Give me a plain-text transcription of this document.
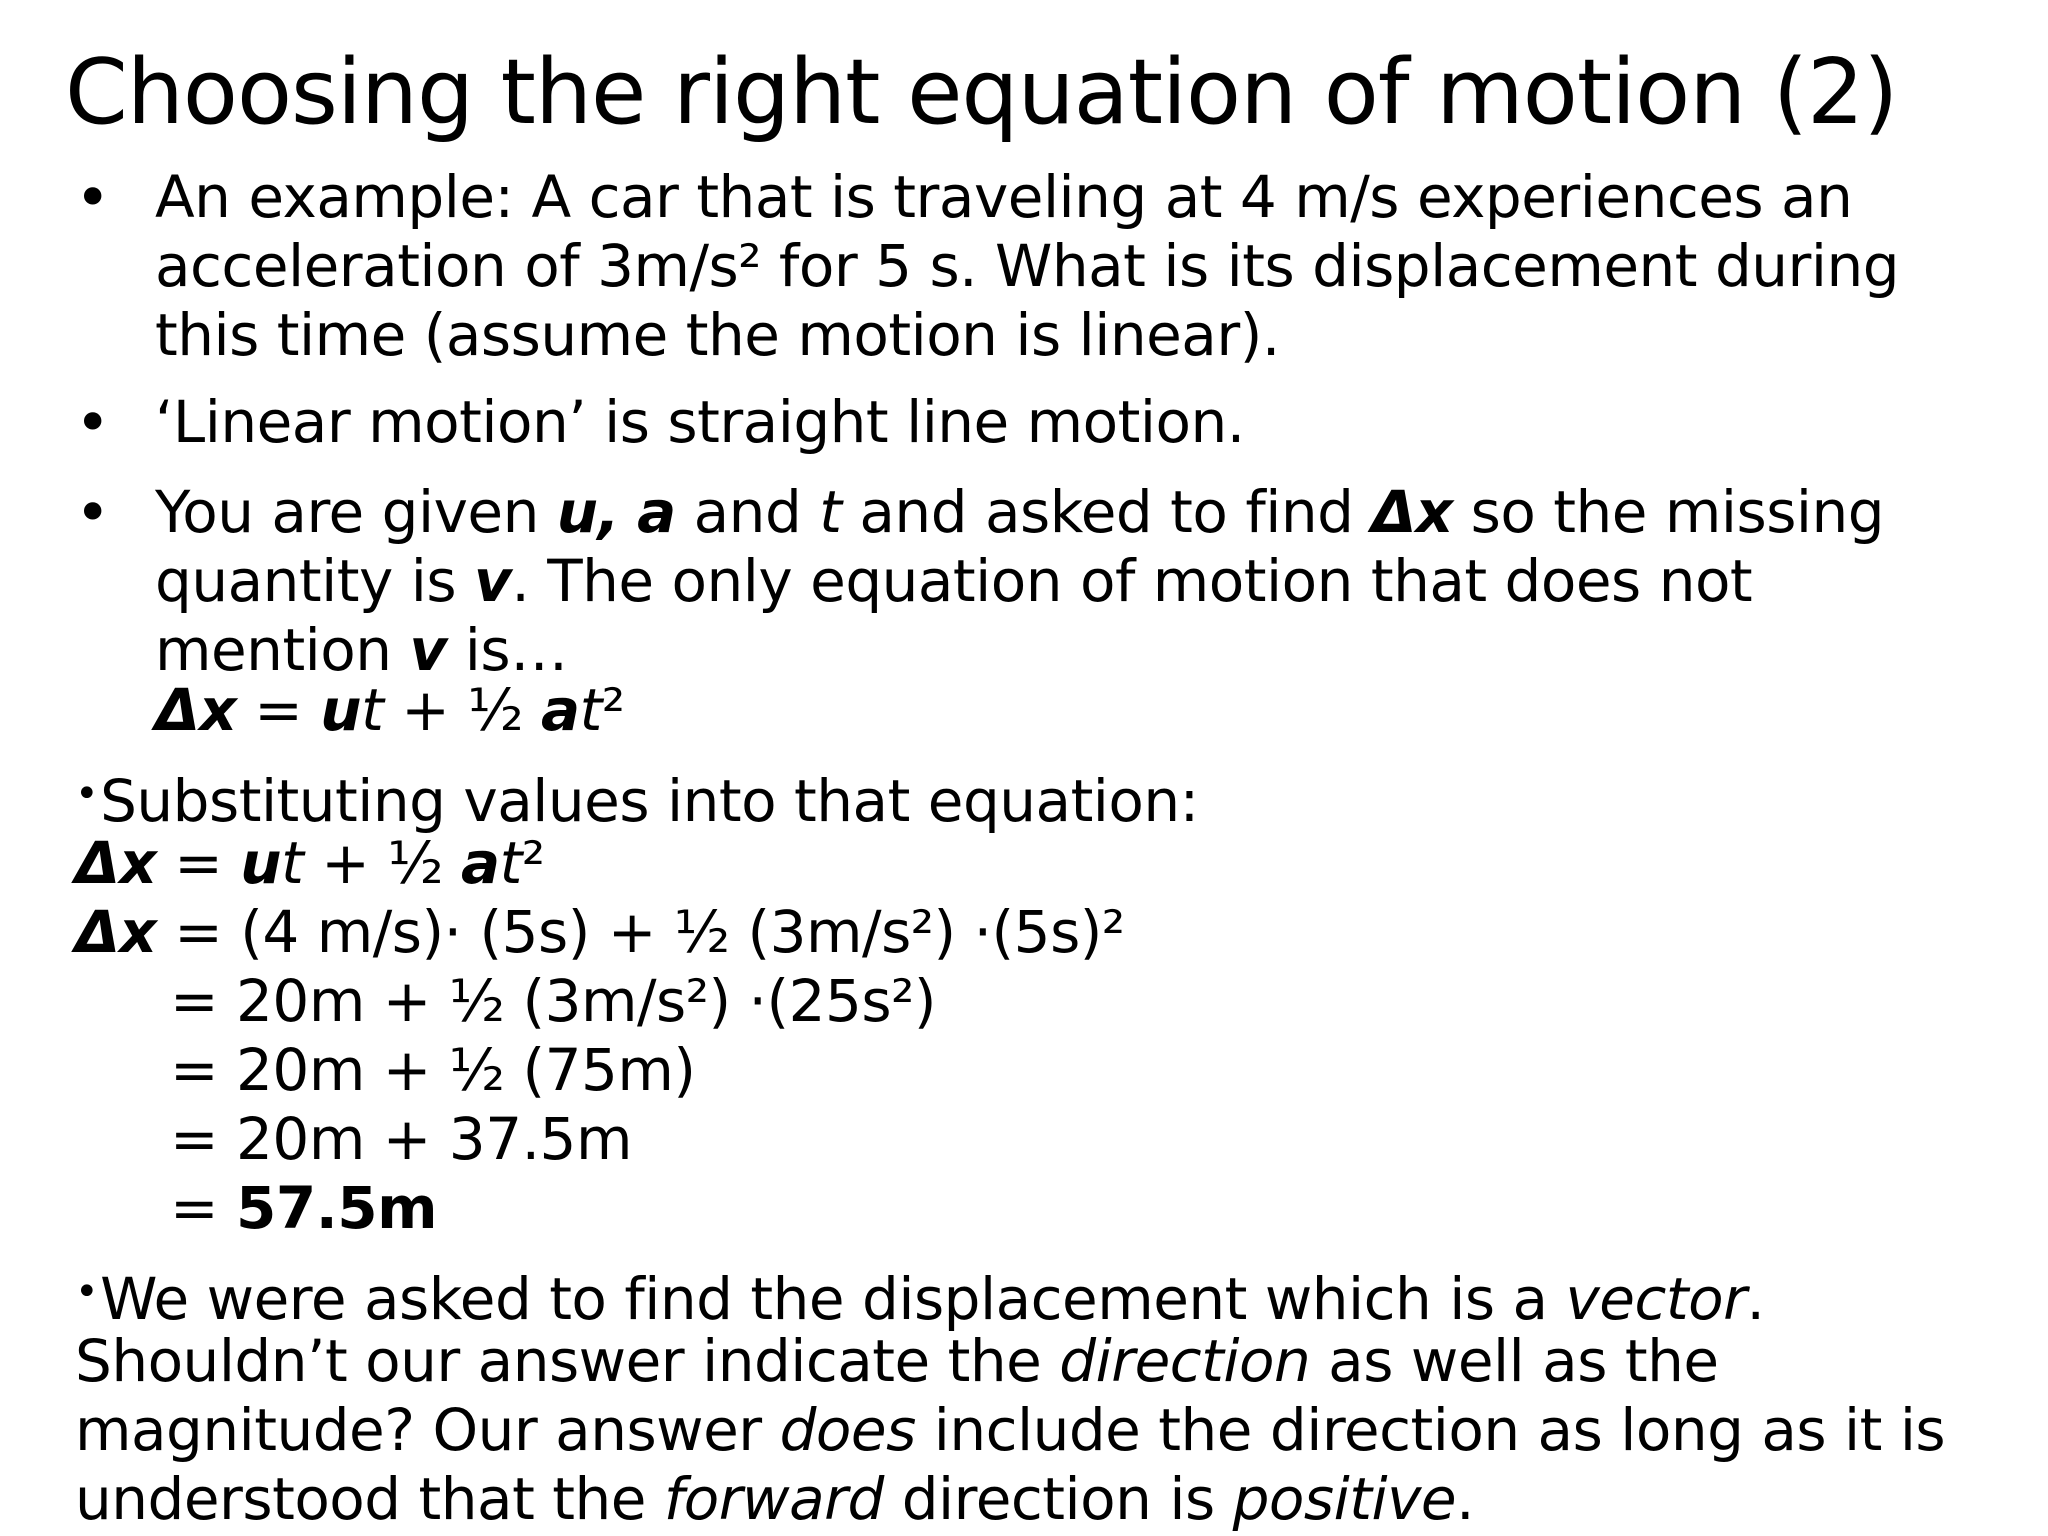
Choosing the right equation of motion (2)
• An example: A car that is traveling at 4 m/s experiences an
acceleration of 3m/s² for 5 s. What is its displacement during
this time (assume the motion is linear).
• ‘Linear motion’ is straight line motion.
• You are given u, a and t and asked to find Δx so the missing
quantity is v. The only equation of motion that does not
mention v is…
Δx = ut + ½ at²
•Substituting values into that equation:
Δx = ut + ½ at²
Δx = (4 m/s)· (5s) + ½ (3m/s²) ·(5s)²
= 20m + ½ (3m/s²) ·(25s²)
= 20m + ½ (75m)
= 20m + 37.5m
= 57.5m
•We were asked to find the displacement which is a vector.
Shouldn’t our answer indicate the direction as well as the
magnitude? Our answer does include the direction as long as it is
understood that the forward direction is positive.
